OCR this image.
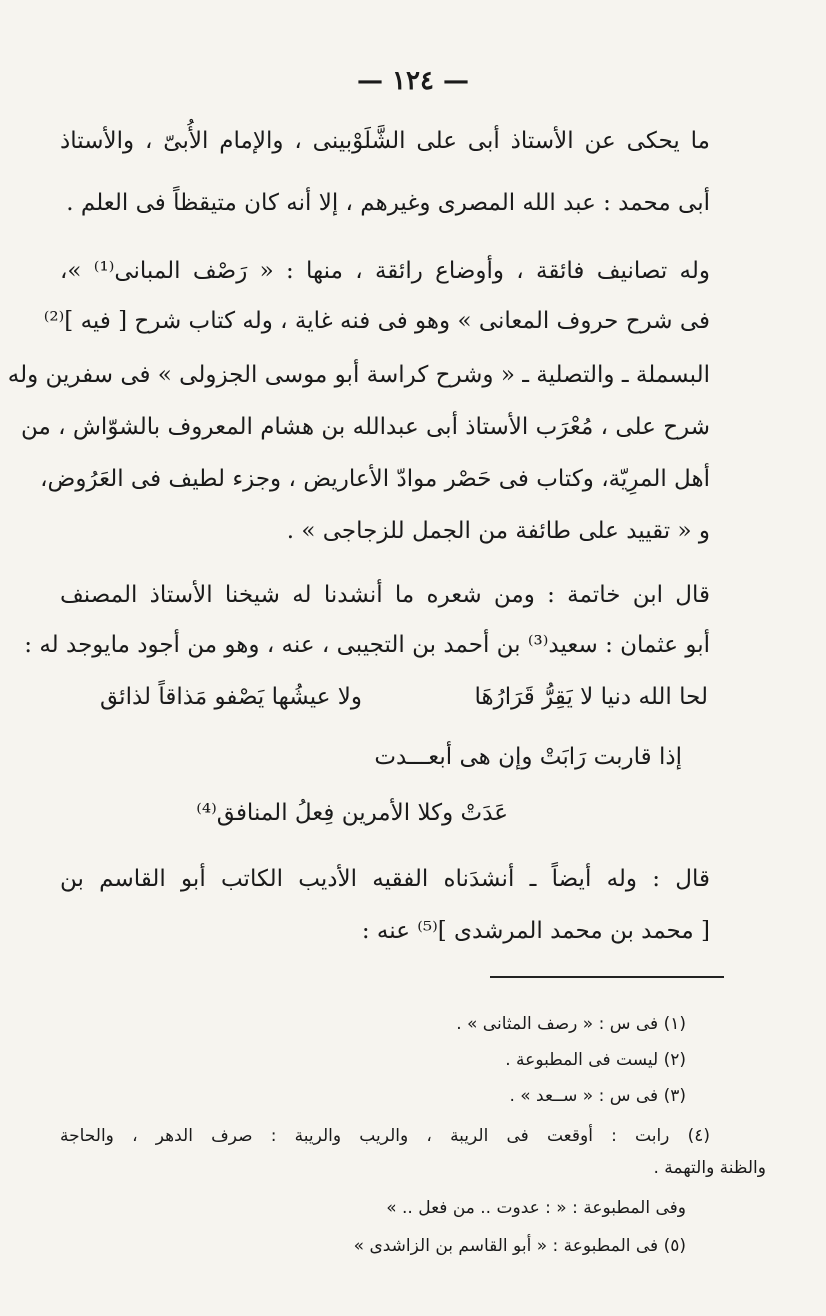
— ١٢٤ —
ما يحكى عن الأستاذ أبى على الشَّلَوْبينى ، والإمام الأُبىّ ، والأستاذ
أبى محمد : عبد الله المصرى وغيرهم ، إلا أنه كان متيقظاً فى العلم .
وله تصانيف فائقة ، وأوضاع رائقة ، منها : « رَصْف المبانى⁽¹⁾ »،
فى شرح حروف المعانى » وهو فى فنه غاية ، وله كتاب شرح [ فيه ]⁽²⁾
البسملة ـ والتصلية ـ « وشرح كراسة أبو موسى الجزولى » فى سفرين وله
شرح على ، مُعْرَب الأستاذ أبى عبدالله بن هشام المعروف بالشوّاش ، من
أهل المرِيّة، وكتاب فى حَصْر موادّ الأعاريض ، وجزء لطيف فى العَرُوض،
و « تقييد على طائفة من الجمل للزجاجى » .
قال ابن خاتمة : ومن شعره ما أنشدنا له شيخنا الأستاذ المصنف
أبو عثمان : سعيد⁽³⁾ بن أحمد بن التجيبى ، عنه ، وهو من أجود مايوجد له :
لحا الله دنيا لا يَقِرُّ قَرَارُهَا
ولا عيشُها يَصْفو مَذاقاً لذائق
إذا قاربت رَابَتْ وإن هى أبعـــدت
عَدَتْ وكلا الأمرين فِعلُ المنافق⁽⁴⁾
قال : وله أيضاً ـ أنشدَناه الفقيه الأديب الكاتب أبو القاسم بن
[ محمد بن محمد المرشدى ]⁽⁵⁾ عنه :
(١) فى س : « رصف المثانى » .
(٢) ليست فى المطبوعة .
(٣) فى س : « ســعد » .
(٤) رابت : أوقعت فى الريبة ، والريب والريبة : صرف الدهر ، والحاجة
والظنة والتهمة .
وفى المطبوعة : « : عدوت .. من فعل .. »
(٥) فى المطبوعة : « أبو القاسم بن الزاشدى »
